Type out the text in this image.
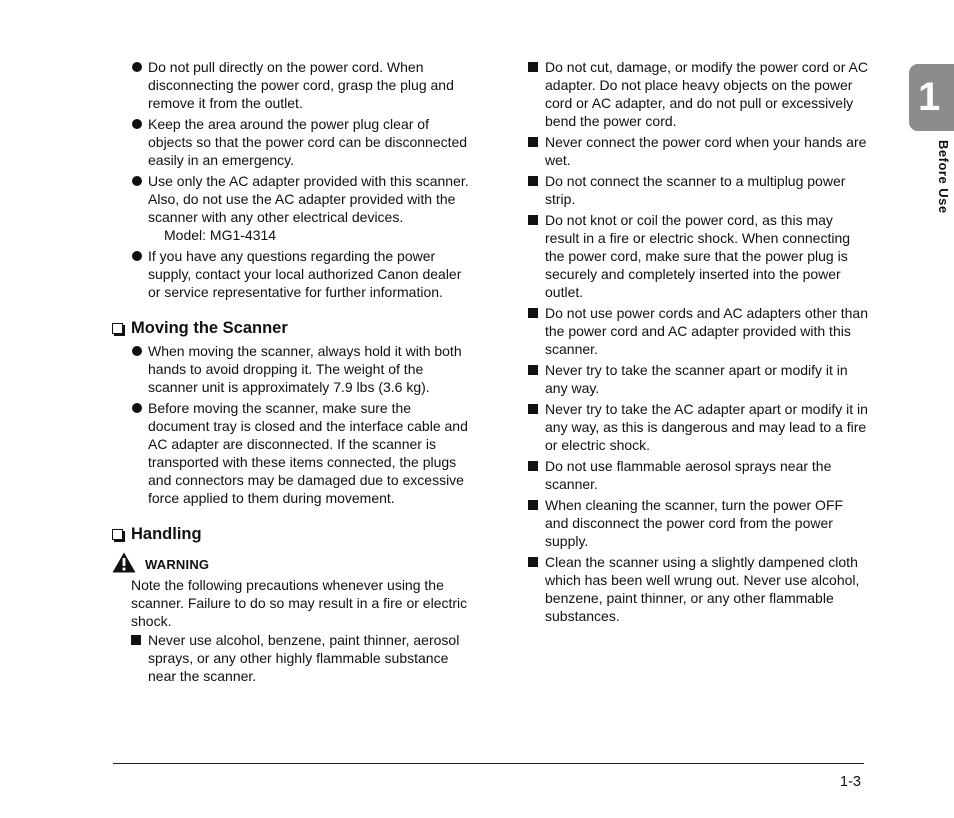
Do not pull directly on the power cord. When disconnecting the power cord, grasp the plug and remove it from the outlet.
Keep the area around the power plug clear of objects so that the power cord can be disconnected easily in an emergency.
Use only the AC adapter provided with this scanner. Also, do not use the AC adapter provided with the scanner with any other electrical devices.
Model: MG1-4314
If you have any questions regarding the power supply, contact your local authorized Canon dealer or service representative for further information.
Moving the Scanner
When moving the scanner, always hold it with both hands to avoid dropping it. The weight of the scanner unit is approximately 7.9 lbs (3.6 kg).
Before moving the scanner, make sure the document tray is closed and the interface cable and AC adapter are disconnected. If the scanner is transported with these items connected, the plugs and connectors may be damaged due to excessive force applied to them during movement.
Handling
WARNING

Note the following precautions whenever using the scanner. Failure to do so may result in a fire or electric shock.

Never use alcohol, benzene, paint thinner, aerosol sprays, or any other highly flammable substance near the scanner.
Do not cut, damage, or modify the power cord or AC adapter. Do not place heavy objects on the power cord or AC adapter, and do not pull or excessively bend the power cord.
Never connect the power cord when your hands are wet.
Do not connect the scanner to a multiplug power strip.
Do not knot or coil the power cord, as this may result in a fire or electric shock. When connecting the power cord, make sure that the power plug is securely and completely inserted into the power outlet.
Do not use power cords and AC adapters other than the power cord and AC adapter provided with this scanner.
Never try to take the scanner apart or modify it in any way.
Never try to take the AC adapter apart or modify it in any way, as this is dangerous and may lead to a fire or electric shock.
Do not use flammable aerosol sprays near the scanner.
When cleaning the scanner, turn the power OFF and disconnect the power cord from the power supply.
Clean the scanner using a slightly dampened cloth which has been well wrung out. Never use alcohol, benzene, paint thinner, or any other flammable substances.
1
Before Use
1-3
